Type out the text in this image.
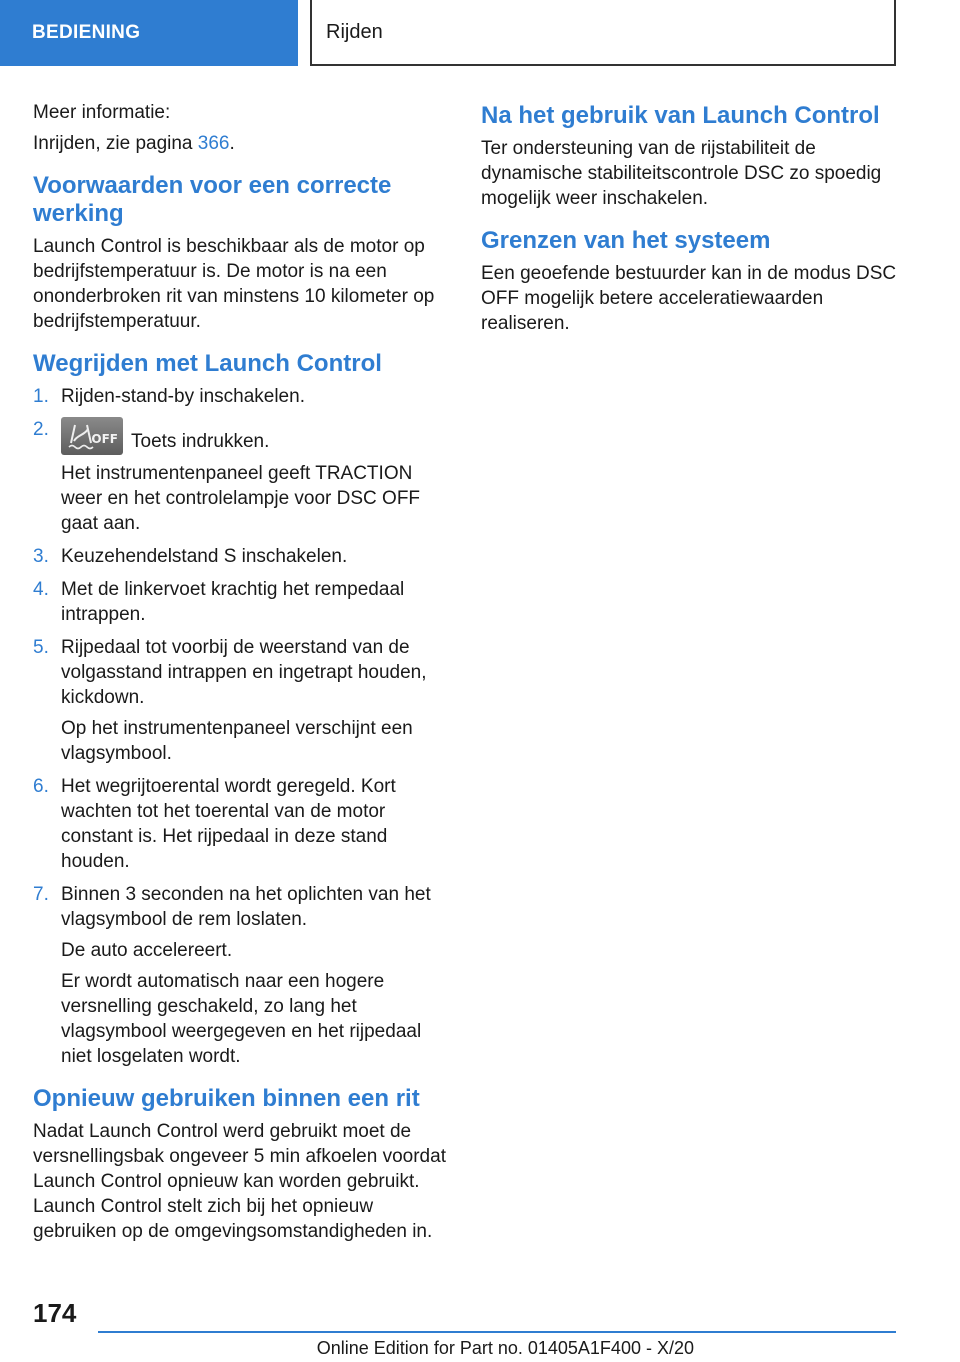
BEDIENING	Rijden

Meer informatie:

Inrijden, zie pagina 366.

Voorwaarden voor een correcte werking

Launch Control is beschikbaar als de motor op bedrijfstemperatuur is. De motor is na een ononderbroken rit van minstens 10 kilometer op bedrijfstemperatuur.

Wegrijden met Launch Control
1. Rijden-stand-by inschakelen.

2.	OFF Toets indrukken.

Het instrumentenpaneel geeft TRACTION weer en het controlelampje voor DSC OFF gaat aan.

3. Keuzehendelstand S inschakelen.

4. Met de linkervoet krachtig het rempedaal intrappen.

5. Rijpedaal tot voorbij de weerstand van de volgasstand intrappen en ingetrapt houden, kickdown.

Op het instrumentenpaneel verschijnt een vlagsymbool.

6. Het wegrijtoerental wordt geregeld. Kort wachten tot het toerental van de motor constant is. Het rijpedaal in deze stand houden.

7. Binnen 3 seconden na het oplichten van het vlagsymbool de rem loslaten.

De auto accelereert.

Er wordt automatisch naar een hogere versnelling geschakeld, zo lang het vlagsymbool weergegeven en het rijpedaal niet losgelaten wordt.

Opnieuw gebruiken binnen een rit

Nadat Launch Control werd gebruikt moet de versnellingsbak ongeveer 5 min afkoelen voordat Launch Control opnieuw kan worden gebruikt. Launch Control stelt zich bij het opnieuw gebruiken op de omgevingsomstandigheden in.

Na het gebruik van Launch Control

Ter ondersteuning van de rijstabiliteit de dynamische stabiliteitscontrole DSC zo spoedig mogelijk weer inschakelen.

Grenzen van het systeem

Een geoefende bestuurder kan in de modus DSC OFF mogelijk betere acceleratiewaarden realiseren.

174
Online Edition for Part no. 01405A1F400 - X/20
